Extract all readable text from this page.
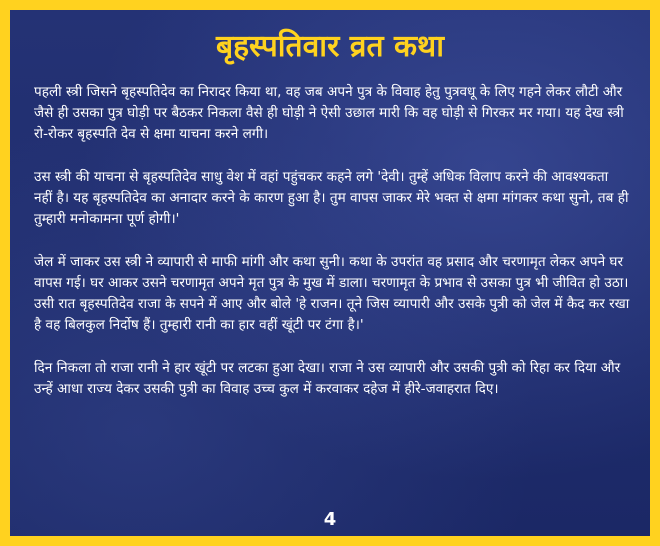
बृहस्पतिवार व्रत कथा

पहली स्त्री जिसने बृहस्पतिदेव का निरादर किया था, वह जब अपने पुत्र के विवाह हेतु पुत्रवधू के लिए गहने लेकर लौटी और जैसे ही उसका पुत्र घोड़ी पर बैठकर निकला वैसे ही घोड़ी ने ऐसी उछाल मारी कि वह घोड़ी से गिरकर मर गया। यह देख स्त्री रो-रोकर बृहस्पति देव से क्षमा याचना करने लगी।

उस स्त्री की याचना से बृहस्पतिदेव साधु वेश में वहां पहुंचकर कहने लगे 'देवी। तुम्हें अधिक विलाप करने की आवश्यकता नहीं है। यह बृहस्पतिदेव का अनादार करने के कारण हुआ है। तुम वापस जाकर मेरे भक्त से क्षमा मांगकर कथा सुनो, तब ही तुम्हारी मनोकामना पूर्ण होगी।'

जेल में जाकर उस स्त्री ने व्यापारी से माफी मांगी और कथा सुनी। कथा के उपरांत वह प्रसाद और चरणामृत लेकर अपने घर वापस गई। घर आकर उसने चरणामृत अपने मृत पुत्र के मुख में डाला। चरणामृत के प्रभाव से उसका पुत्र भी जीवित हो उठा। उसी रात बृहस्पतिदेव राजा के सपने में आए और बोले 'हे राजन। तूने जिस व्यापारी और उसके पुत्री को जेल में कैद कर रखा है वह बिलकुल निर्दोष हैं। तुम्हारी रानी का हार वहीं खूंटी पर टंगा है।'

दिन निकला तो राजा रानी ने हार खूंटी पर लटका हुआ देखा। राजा ने उस व्यापारी और उसकी पुत्री को रिहा कर दिया और उन्हें आधा राज्य देकर उसकी पुत्री का विवाह उच्च कुल में करवाकर दहेज में हीरे-जवाहरात दिए।

4
